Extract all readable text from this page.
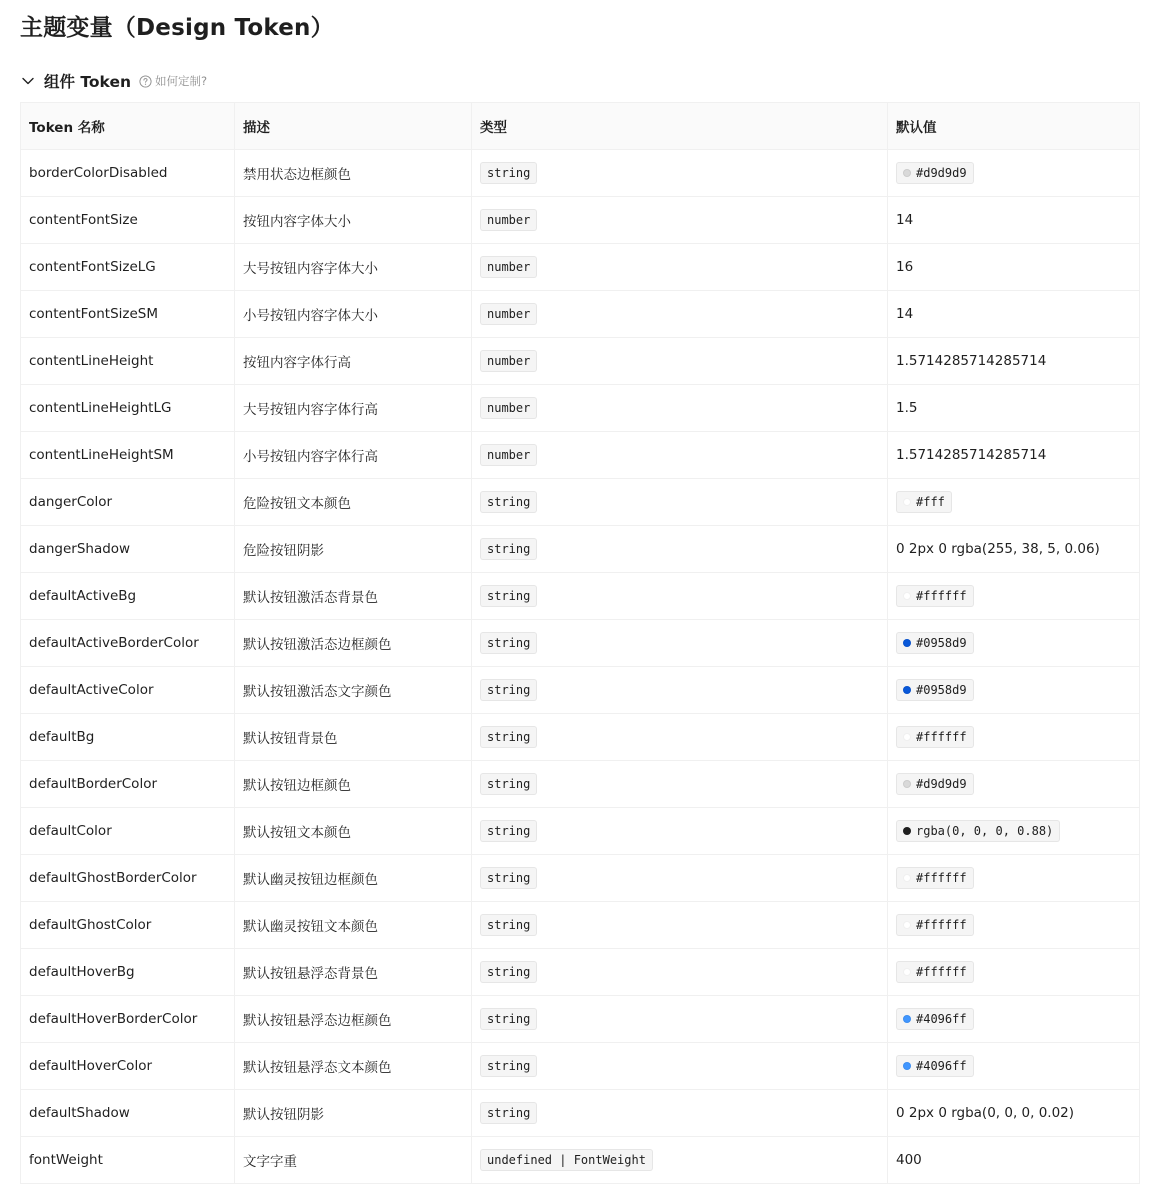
主题变量（Design Token）
组件 Token 如何定制?
Token 名称	描述	类型	默认值
borderColorDisabled	禁用状态边框颜色	string	#d9d9d9

contentFontSize	按钮内容字体大小	number	14
contentFontSizeLG	大号按钮内容字体大小	number	16
contentFontSizeSM	小号按钮内容字体大小	number	14
contentLineHeight	按钮内容字体行高	number	1.5714285714285714
contentLineHeightLG	大号按钮内容字体行高	number	1.5
contentLineHeightSM	小号按钮内容字体行高	number	1.5714285714285714
dangerColor	危险按钮文本颜色	string	#fff

dangerShadow	危险按钮阴影	string	0 2px 0 rgba(255, 38, 5, 0.06)
defaultActiveBg	默认按钮激活态背景色	string	#ffffff

defaultActiveBorderColor	默认按钮激活态边框颜色	string	#0958d9

defaultActiveColor	默认按钮激活态文字颜色	string	#0958d9

defaultBg	默认按钮背景色	string	#ffffff

defaultBorderColor	默认按钮边框颜色	string	#d9d9d9

defaultColor	默认按钮文本颜色	string	rgba(0, 0, 0, 0.88)

defaultGhostBorderColor	默认幽灵按钮边框颜色	string	#ffffff

defaultGhostColor	默认幽灵按钮文本颜色	string	#ffffff

defaultHoverBg	默认按钮悬浮态背景色	string	#ffffff

defaultHoverBorderColor	默认按钮悬浮态边框颜色	string	#4096ff

defaultHoverColor	默认按钮悬浮态文本颜色	string	#4096ff

defaultShadow	默认按钮阴影	string	0 2px 0 rgba(0, 0, 0, 0.02)
fontWeight	文字字重	undefined | FontWeight	400
